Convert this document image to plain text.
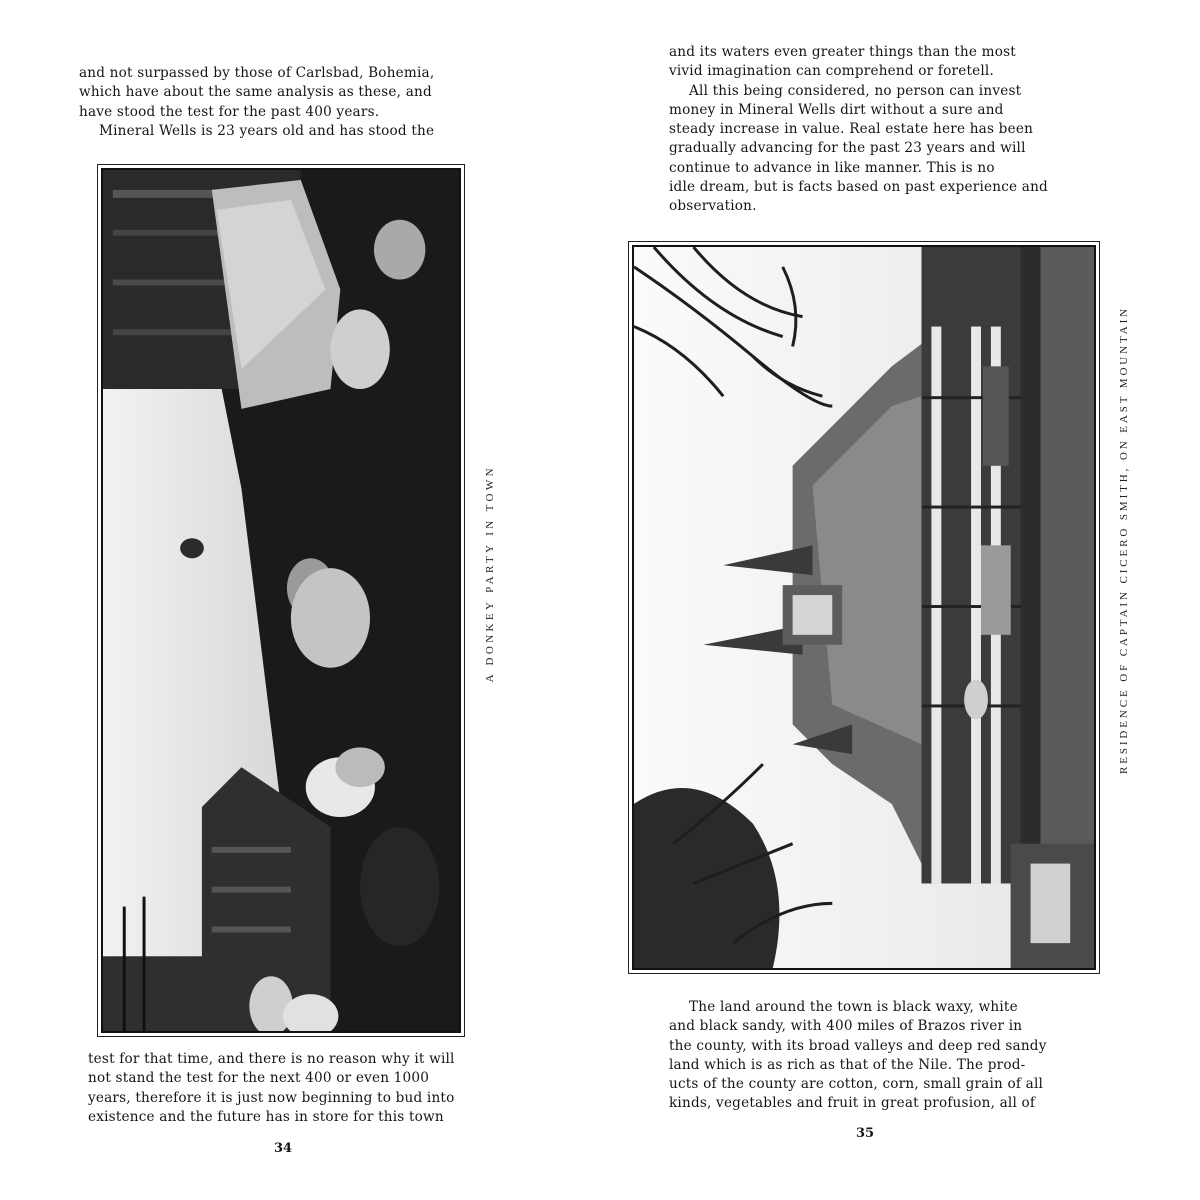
and not surpassed by those of Carlsbad, Bohemia,

which have about the same analysis as these, and

have stood the test for the past 400 years.

Mineral Wells is 23 years old and has stood the

A DONKEY PARTY IN TOWN

test for that time, and there is no reason why it will

not stand the test for the next 400 or even 1000

years, therefore it is just now beginning to bud into

existence and the future has in store for this town

34

and its waters even greater things than the most

vivid imagination can comprehend or foretell.

All this being considered, no person can invest

money in Mineral Wells dirt without a sure and

steady increase in value. Real estate here has been

gradually advancing for the past 23 years and will

continue to advance in like manner. This is no

idle dream, but is facts based on past experience and

observation.

RESIDENCE OF CAPTAIN CICERO SMITH, ON EAST MOUNTAIN

The land around the town is black waxy, white

and black sandy, with 400 miles of Brazos river in

the county, with its broad valleys and deep red sandy

land which is as rich as that of the Nile. The prod-

ucts of the county are cotton, corn, small grain of all

kinds, vegetables and fruit in great profusion, all of

35
